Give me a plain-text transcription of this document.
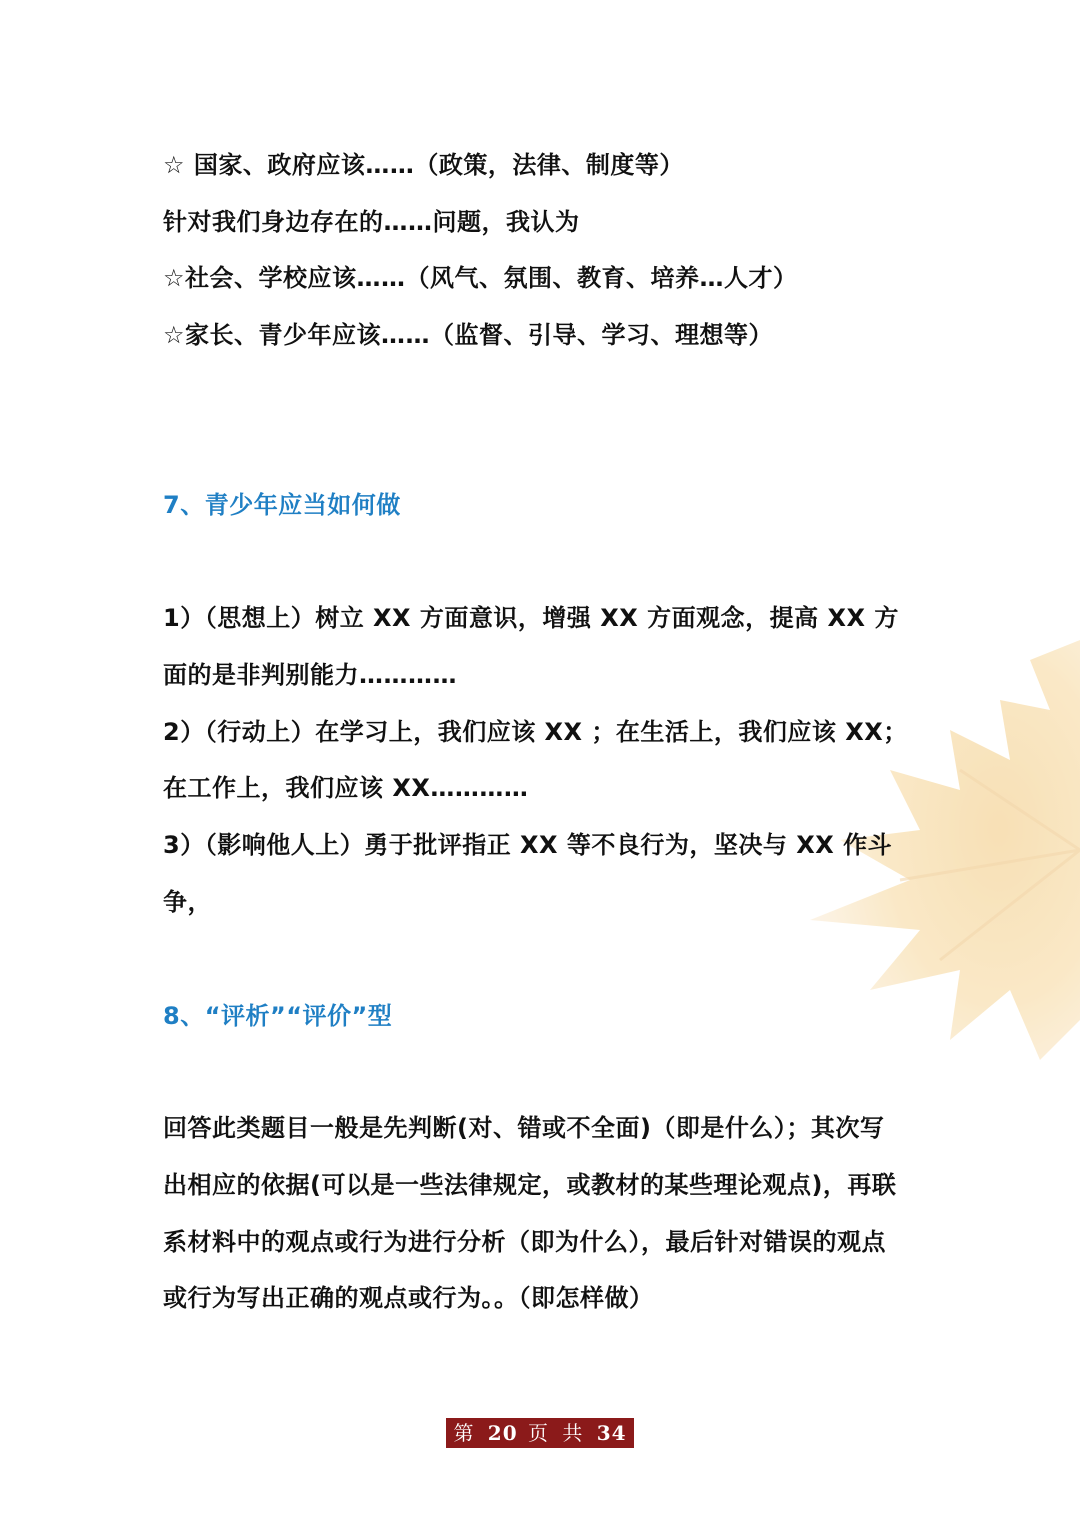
☆ 国家、政府应该……（政策，法律、制度等）
针对我们身边存在的……问题，我认为
☆社会、学校应该……（风气、氛围、教育、培养…人才）
☆家长、青少年应该……（监督、引导、学习、理想等）
7、青少年应当如何做
1）（思想上）树立 XX 方面意识，增强 XX 方面观念，提高 XX 方
面的是非判别能力…………
2）（行动上）在学习上，我们应该 XX ；在生活上，我们应该 XX；
在工作上，我们应该 XX…………
3）（影响他人上）勇于批评指正 XX 等不良行为，坚决与 XX 作斗
争，
8、“评析”“评价”型
回答此类题目一般是先判断(对、错或不全面)（即是什么）；其次写
出相应的依据(可以是一些法律规定，或教材的某些理论观点)，再联
系材料中的观点或行为进行分析（即为什么），最后针对错误的观点
或行为写出正确的观点或行为。。（即怎样做）
第 20 页 共 34 页
